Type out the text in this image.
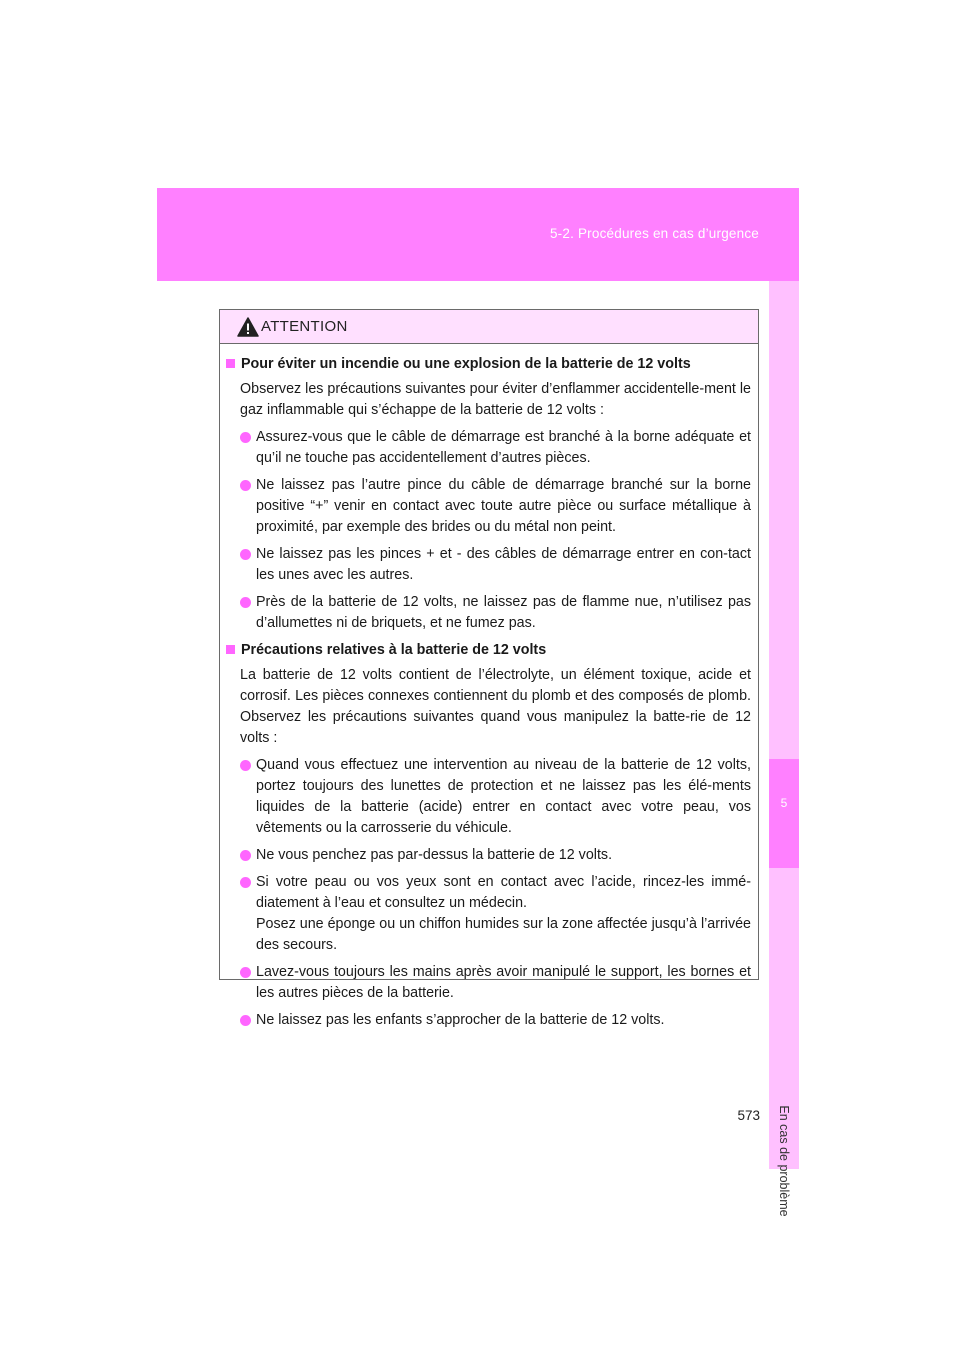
5-2. Procédures en cas d’urgence
5
En cas de problème
ATTENTION
Pour éviter un incendie ou une explosion de la batterie de 12 volts
Observez les précautions suivantes pour éviter d’enflammer accidentelle-ment le gaz inflammable qui s’échappe de la batterie de 12 volts :
Assurez-vous que le câble de démarrage est branché à la borne adéquate et qu’il ne touche pas accidentellement d’autres pièces.
Ne laissez pas l’autre pince du câble de démarrage branché sur la borne positive “+” venir en contact avec toute autre pièce ou surface métallique à proximité, par exemple des brides ou du métal non peint.
Ne laissez pas les pinces + et - des câbles de démarrage entrer en con-tact les unes avec les autres.
Près de la batterie de 12 volts, ne laissez pas de flamme nue, n’utilisez pas d’allumettes ni de briquets, et ne fumez pas.
Précautions relatives à la batterie de 12 volts
La batterie de 12 volts contient de l’électrolyte, un élément toxique, acide et corrosif. Les pièces connexes contiennent du plomb et des composés de plomb. Observez les précautions suivantes quand vous manipulez la batte-rie de 12 volts :
Quand vous effectuez une intervention au niveau de la batterie de 12 volts, portez toujours des lunettes de protection et ne laissez pas les élé-ments liquides de la batterie (acide) entrer en contact avec votre peau, vos vêtements ou la carrosserie du véhicule.
Ne vous penchez pas par-dessus la batterie de 12 volts.
Si votre peau ou vos yeux sont en contact avec l’acide, rincez-les immé-diatement à l’eau et consultez un médecin.
Posez une éponge ou un chiffon humides sur la zone affectée jusqu’à l’arrivée des secours.
Lavez-vous toujours les mains après avoir manipulé le support, les bornes et les autres pièces de la batterie.
Ne laissez pas les enfants s’approcher de la batterie de 12 volts.
573
